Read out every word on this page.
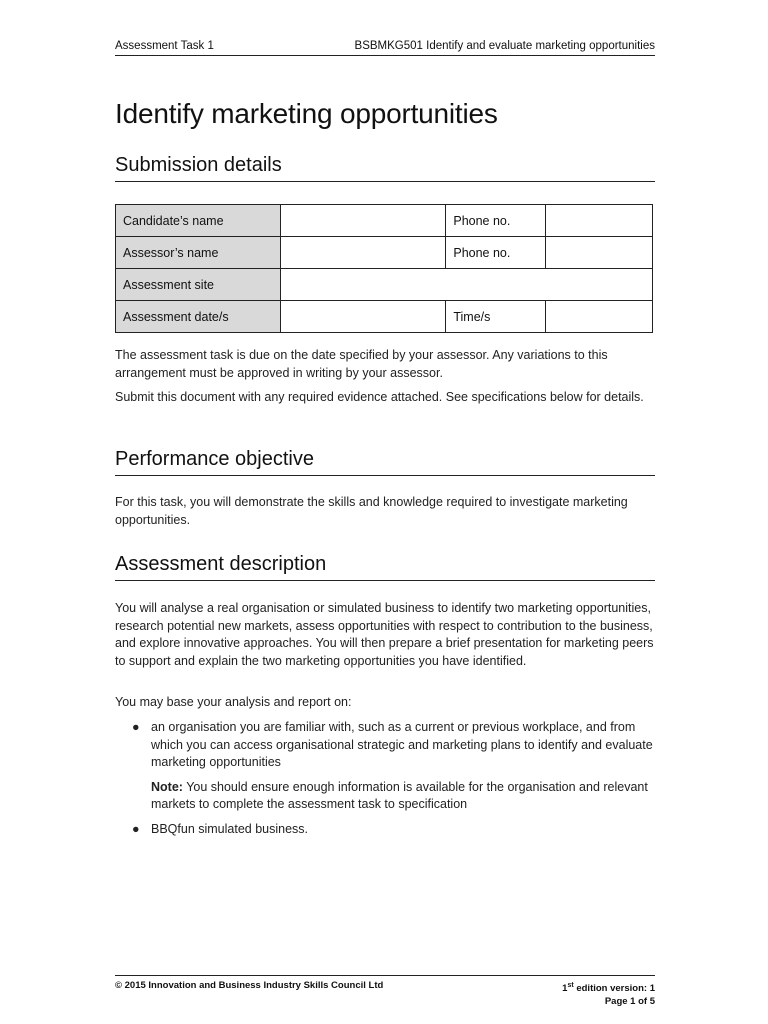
Assessment Task 1	BSBMKG501 Identify and evaluate marketing opportunities
Identify marketing opportunities
Submission details
Candidate’s name		Phone no.	
Assessor’s name		Phone no.	
Assessment site			
Assessment date/s		Time/s	

The assessment task is due on the date specified by your assessor. Any variations to this arrangement must be approved in writing by your assessor.

Submit this document with any required evidence attached. See specifications below for details.

Performance objective

For this task, you will demonstrate the skills and knowledge required to investigate marketing opportunities.

Assessment description

You will analyse a real organisation or simulated business to identify two marketing opportunities, research potential new markets, assess opportunities with respect to contribution to the business, and explore innovative approaches. You will then prepare a brief presentation for marketing peers to support and explain the two marketing opportunities you have identified.

You may base your analysis and report on:

● an organisation you are familiar with, such as a current or previous workplace, and from which you can access organisational strategic and marketing plans to identify and evaluate marketing opportunities
Note: You should ensure enough information is available for the organisation and relevant markets to complete the assessment task to specification
● BBQfun simulated business.
© 2015 Innovation and Business Industry Skills Council Ltd	1st edition version: 1
Page 1 of 5
